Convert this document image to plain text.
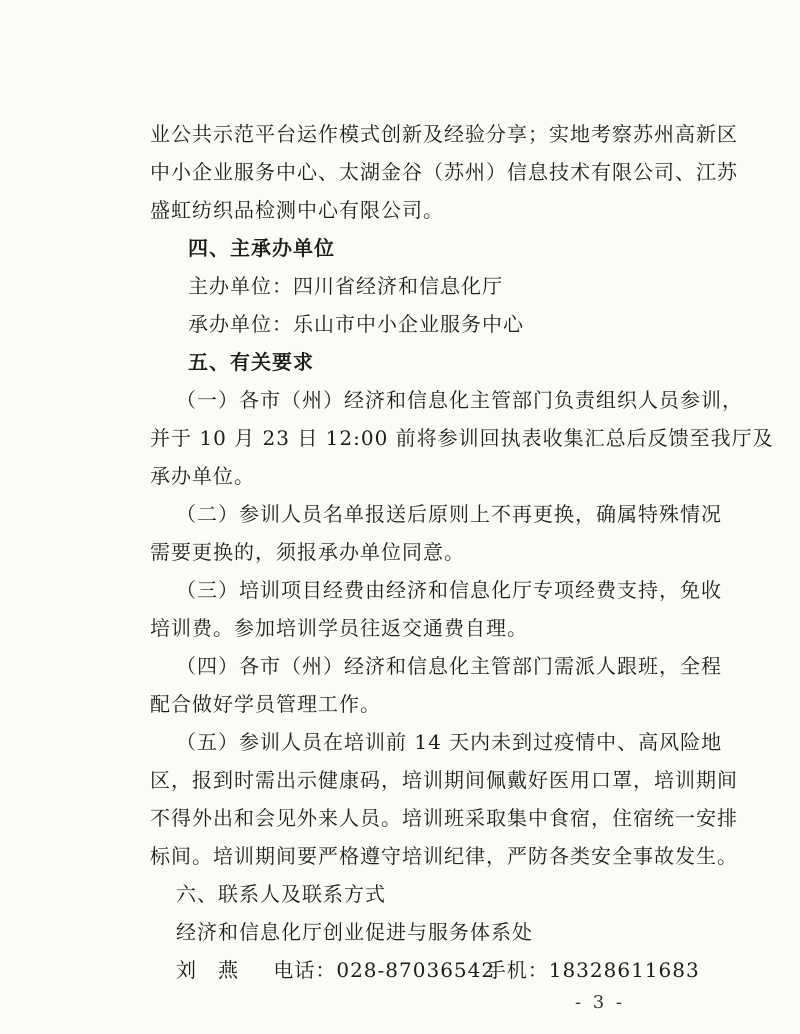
业公共示范平台运作模式创新及经验分享；实地考察苏州高新区
中小企业服务中心、太湖金谷（苏州）信息技术有限公司、江苏
盛虹纺织品检测中心有限公司。
四、主承办单位
主办单位：四川省经济和信息化厅
承办单位：乐山市中小企业服务中心
五、有关要求
（一）各市（州）经济和信息化主管部门负责组织人员参训，
并于 10 月 23 日 12:00 前将参训回执表收集汇总后反馈至我厅及
承办单位。
（二）参训人员名单报送后原则上不再更换，确属特殊情况
需要更换的，须报承办单位同意。
（三）培训项目经费由经济和信息化厅专项经费支持，免收
培训费。参加培训学员往返交通费自理。
（四）各市（州）经济和信息化主管部门需派人跟班，全程
配合做好学员管理工作。
（五）参训人员在培训前 14 天内未到过疫情中、高风险地
区，报到时需出示健康码，培训期间佩戴好医用口罩，培训期间
不得外出和会见外来人员。培训班采取集中食宿，住宿统一安排
标间。培训期间要严格遵守培训纪律，严防各类安全事故发生。
六、联系人及联系方式
经济和信息化厅创业促进与服务体系处
刘　燕 电话：028-87036542 手机：18328611683
- 3 -
